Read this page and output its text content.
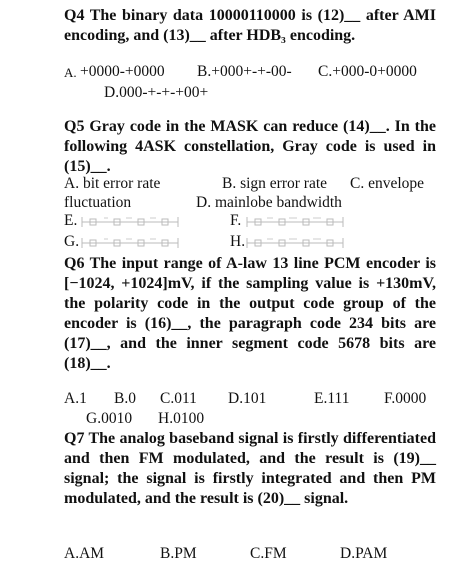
Q4 The binary data 10000110000 is (12)__ after AMI encoding, and (13)__ after HDB₃ encoding.
A. +0000-+0000 B.+000+-+-00- C.+000-0+0000
D.000-+-+-+00+
Q5 Gray code in the MASK can reduce (14)__. In the following 4ASK constellation, Gray code is used in (15)__.
A. bit error rate	B. sign error rate C. envelope
fluctuation	D. mainlobe bandwidth
E.	F.
G.	H.
Q6 The input range of A-law 13 line PCM encoder is [−1024, +1024]mV, if the sampling value is +130mV, the polarity code in the output code group of the encoder is (16)__, the paragraph code 234 bits are (17)__, and the inner segment code 5678 bits are (18)__.
A.1 B.0 C.011 D.101	E.111 F.0000
G.0010 H.0100
Q7 The analog baseband signal is firstly differentiated and then FM modulated, and the result is (19)__ signal; the signal is firstly integrated and then PM modulated, and the result is (20)__ signal.
A.AM	B.PM	C.FM	D.PAM
